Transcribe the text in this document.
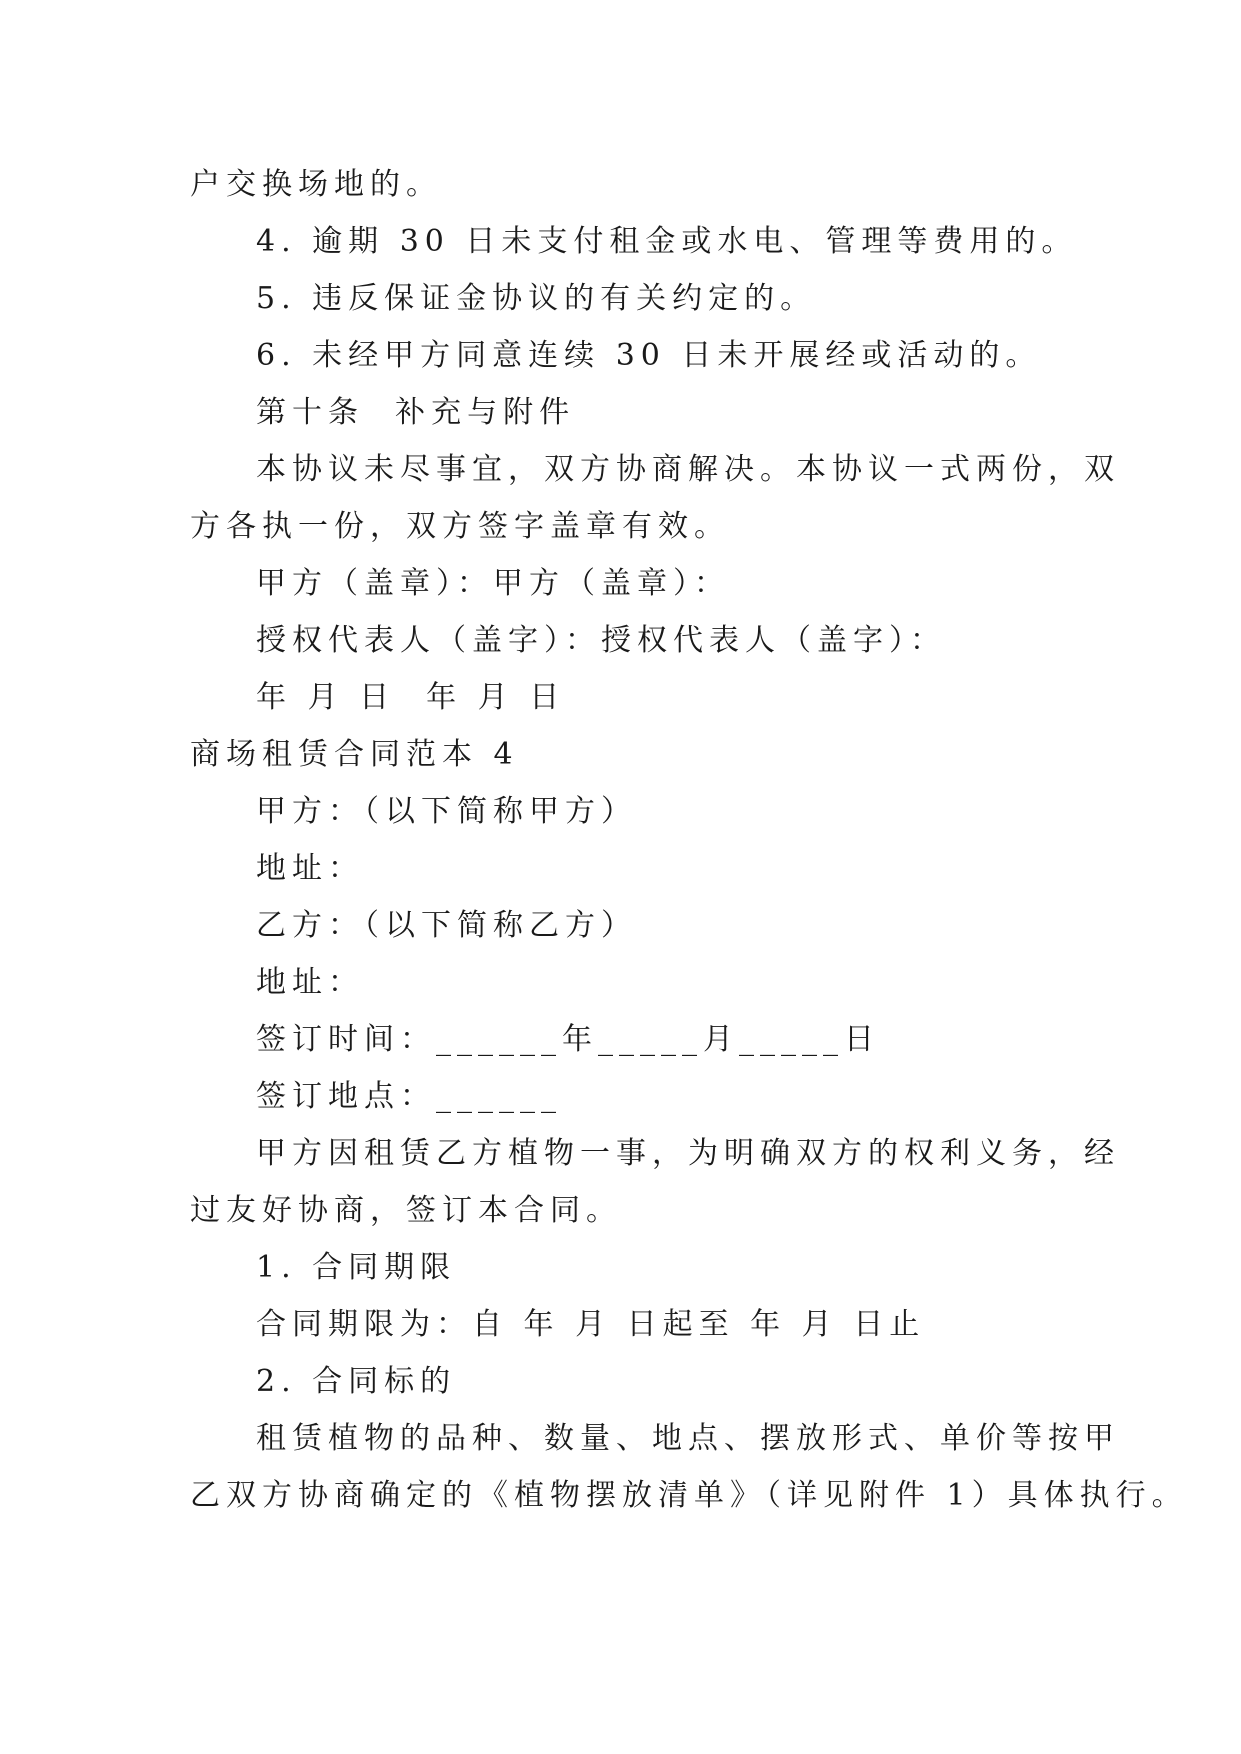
户交换场地的。
4. 逾期 30 日未支付租金或水电、管理等费用的。
5. 违反保证金协议的有关约定的。
6. 未经甲方同意连续 30 日未开展经或活动的。
第十条  补充与附件
本协议未尽事宜，双方协商解决。本协议一式两份，双
方各执一份，双方签字盖章有效。
甲方（盖章）：甲方（盖章）：
授权代表人（盖字）：授权代表人（盖字）：
年 月 日  年 月 日
商场租赁合同范本 4
甲方：（以下简称甲方）
地址：
乙方：（以下简称乙方）
地址：
签订时间：______年_____月_____日
签订地点：______
甲方因租赁乙方植物一事，为明确双方的权利义务，经
过友好协商，签订本合同。
1. 合同期限
合同期限为：自 年 月 日起至 年 月 日止
2. 合同标的
租赁植物的品种、数量、地点、摆放形式、单价等按甲
乙双方协商确定的《植物摆放清单》（详见附件 1）具体执行。
